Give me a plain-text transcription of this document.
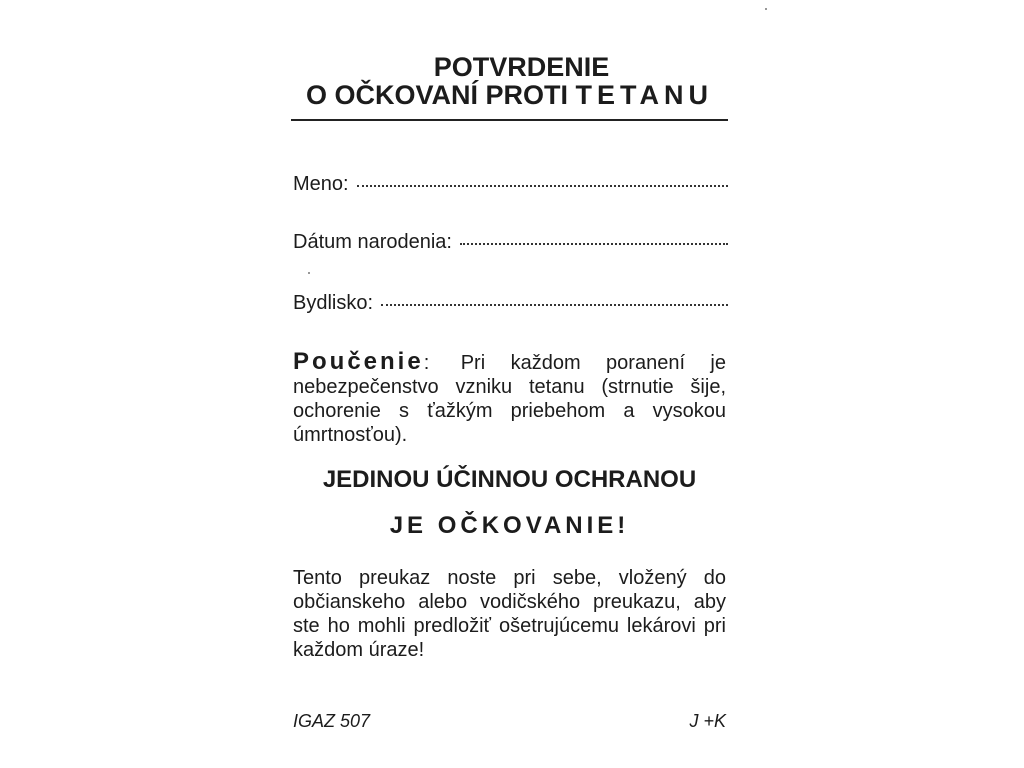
POTVRDENIE
O OČKOVANÍ PROTI TETANU
Meno:
Dátum narodenia:
Bydlisko:
Poučenie: Pri každom poranení je nebezpečenstvo vzniku tetanu (strnutie šije, ochorenie s ťažkým priebehom a vysokou úmrtnosťou).
JEDINOU ÚČINNOU OCHRANOU
JE OČKOVANIE!
Tento preukaz noste pri sebe, vložený do občianskeho alebo vodičského preukazu, aby ste ho mohli predložiť ošetrujúcemu lekárovi pri každom úraze!
IGAZ 507	J +K
